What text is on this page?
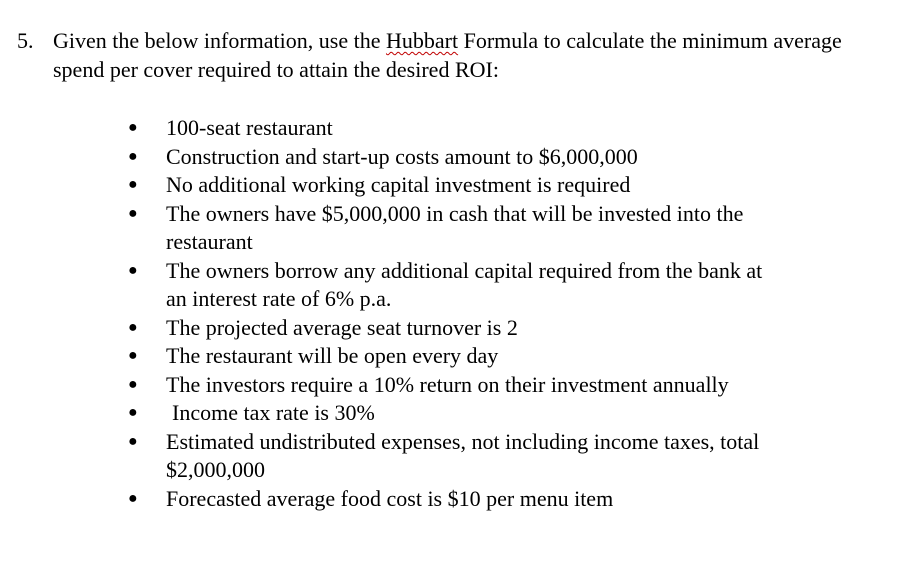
5. Given the below information, use the Hubbart Formula to calculate the minimum average spend per cover required to attain the desired ROI:
● 100-seat restaurant
● Construction and start-up costs amount to $6,000,000
● No additional working capital investment is required
● The owners have $5,000,000 in cash that will be invested into the restaurant
● The owners borrow any additional capital required from the bank at an interest rate of 6% p.a.
● The projected average seat turnover is 2
● The restaurant will be open every day
● The investors require a 10% return on their investment annually
● Income tax rate is 30%
● Estimated undistributed expenses, not including income taxes, total $2,000,000
● Forecasted average food cost is $10 per menu item
